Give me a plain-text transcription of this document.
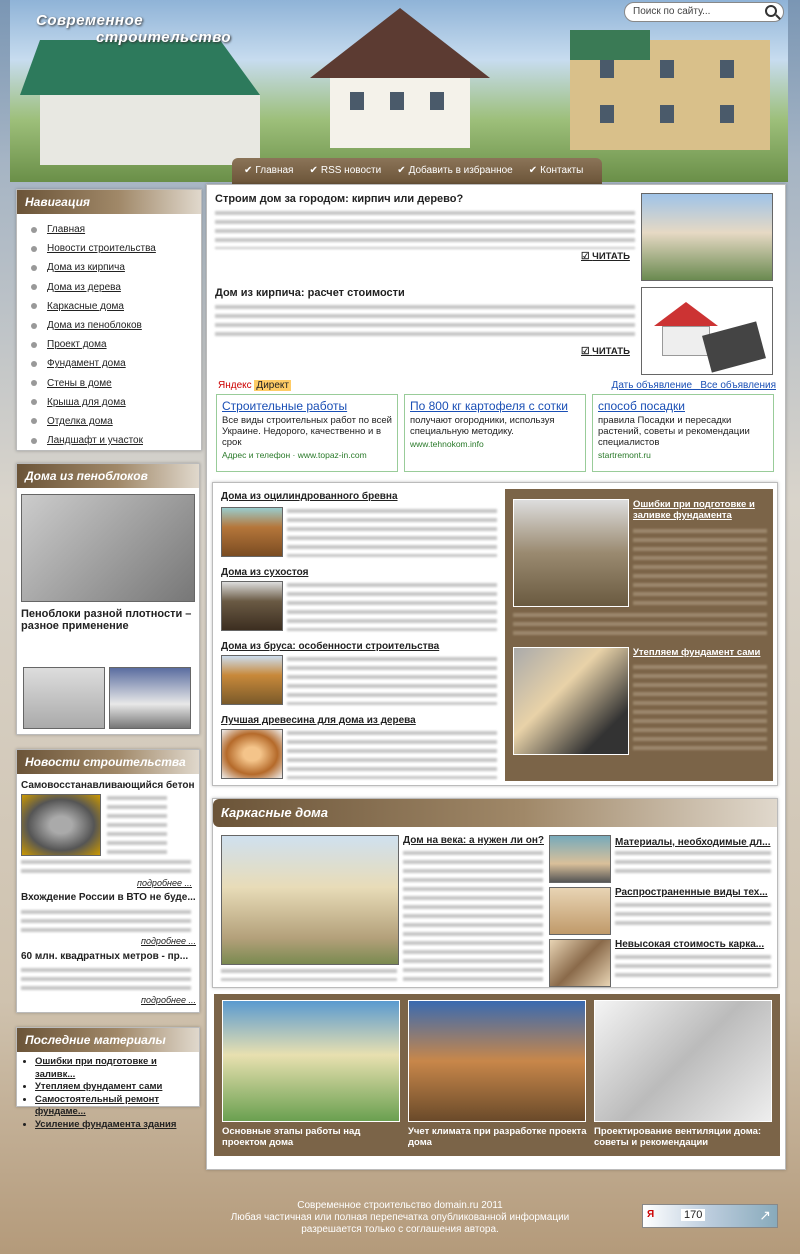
Современное
строительство
Поиск по сайту...
✔ Главная ✔ RSS новости ✔ Добавить в избранное ✔ Контакты
Навигация
Главная
Новости строительства
Дома из кирпича
Дома из дерева
Каркасные дома
Дома из пеноблоков
Проект дома
Фундамент дома
Стены в доме
Крыша для дома
Отделка дома
Ландшафт и участок
Дома из пеноблоков
Пеноблоки разной плотности – разное применение
Новости строительства
Самовосстанавливающийся бетон
подробнее ...
Вхождение России в ВТО не буде...
подробнее ...
60 млн. квадратных метров - пр...
подробнее ...
Последние материалы
• Ошибки при подготовке и заливк...
• Утепляем фундамент сами
• Самостоятельный ремонт фундаме...
• Усиление фундамента здания
Строим дом за городом: кирпич или дерево?
☑ ЧИТАТЬ
Дом из кирпича: расчет стоимости
☑ ЧИТАТЬ
Яндекс Директ	Дать объявление Все объявления
Строительные работы
Все виды строительных работ по всей Украине. Недорого, качественно и в срок
Адрес и телефон · www.topaz-in.com
По 800 кг картофеля с сотки
получают огородники, используя специальную методику.
www.tehnokom.info
способ посадки
правила Посадки и пересадки растений, советы и рекомендации специалистов
startremont.ru
Дома из оцилиндрованного бревна
Дома из сухостоя
Дома из бруса: особенности строительства
Лучшая древесина для дома из дерева
Ошибки при подготовке и заливке фундамента
Утепляем фундамент сами
Каркасные дома
Дом на века: а нужен ли он?	Материалы, необходимые дл...
Распространенные виды тех...
Невысокая стоимость карка...
Основные этапы работы над проектом дома
Учет климата при разработке проекта дома
Проектирование вентиляции дома: советы и рекомендации
Современное строительство domain.ru 2011
Любая частичная или полная перепечатка опубликованной информации
разрешается только с соглашения автора.
Я	170	↗
